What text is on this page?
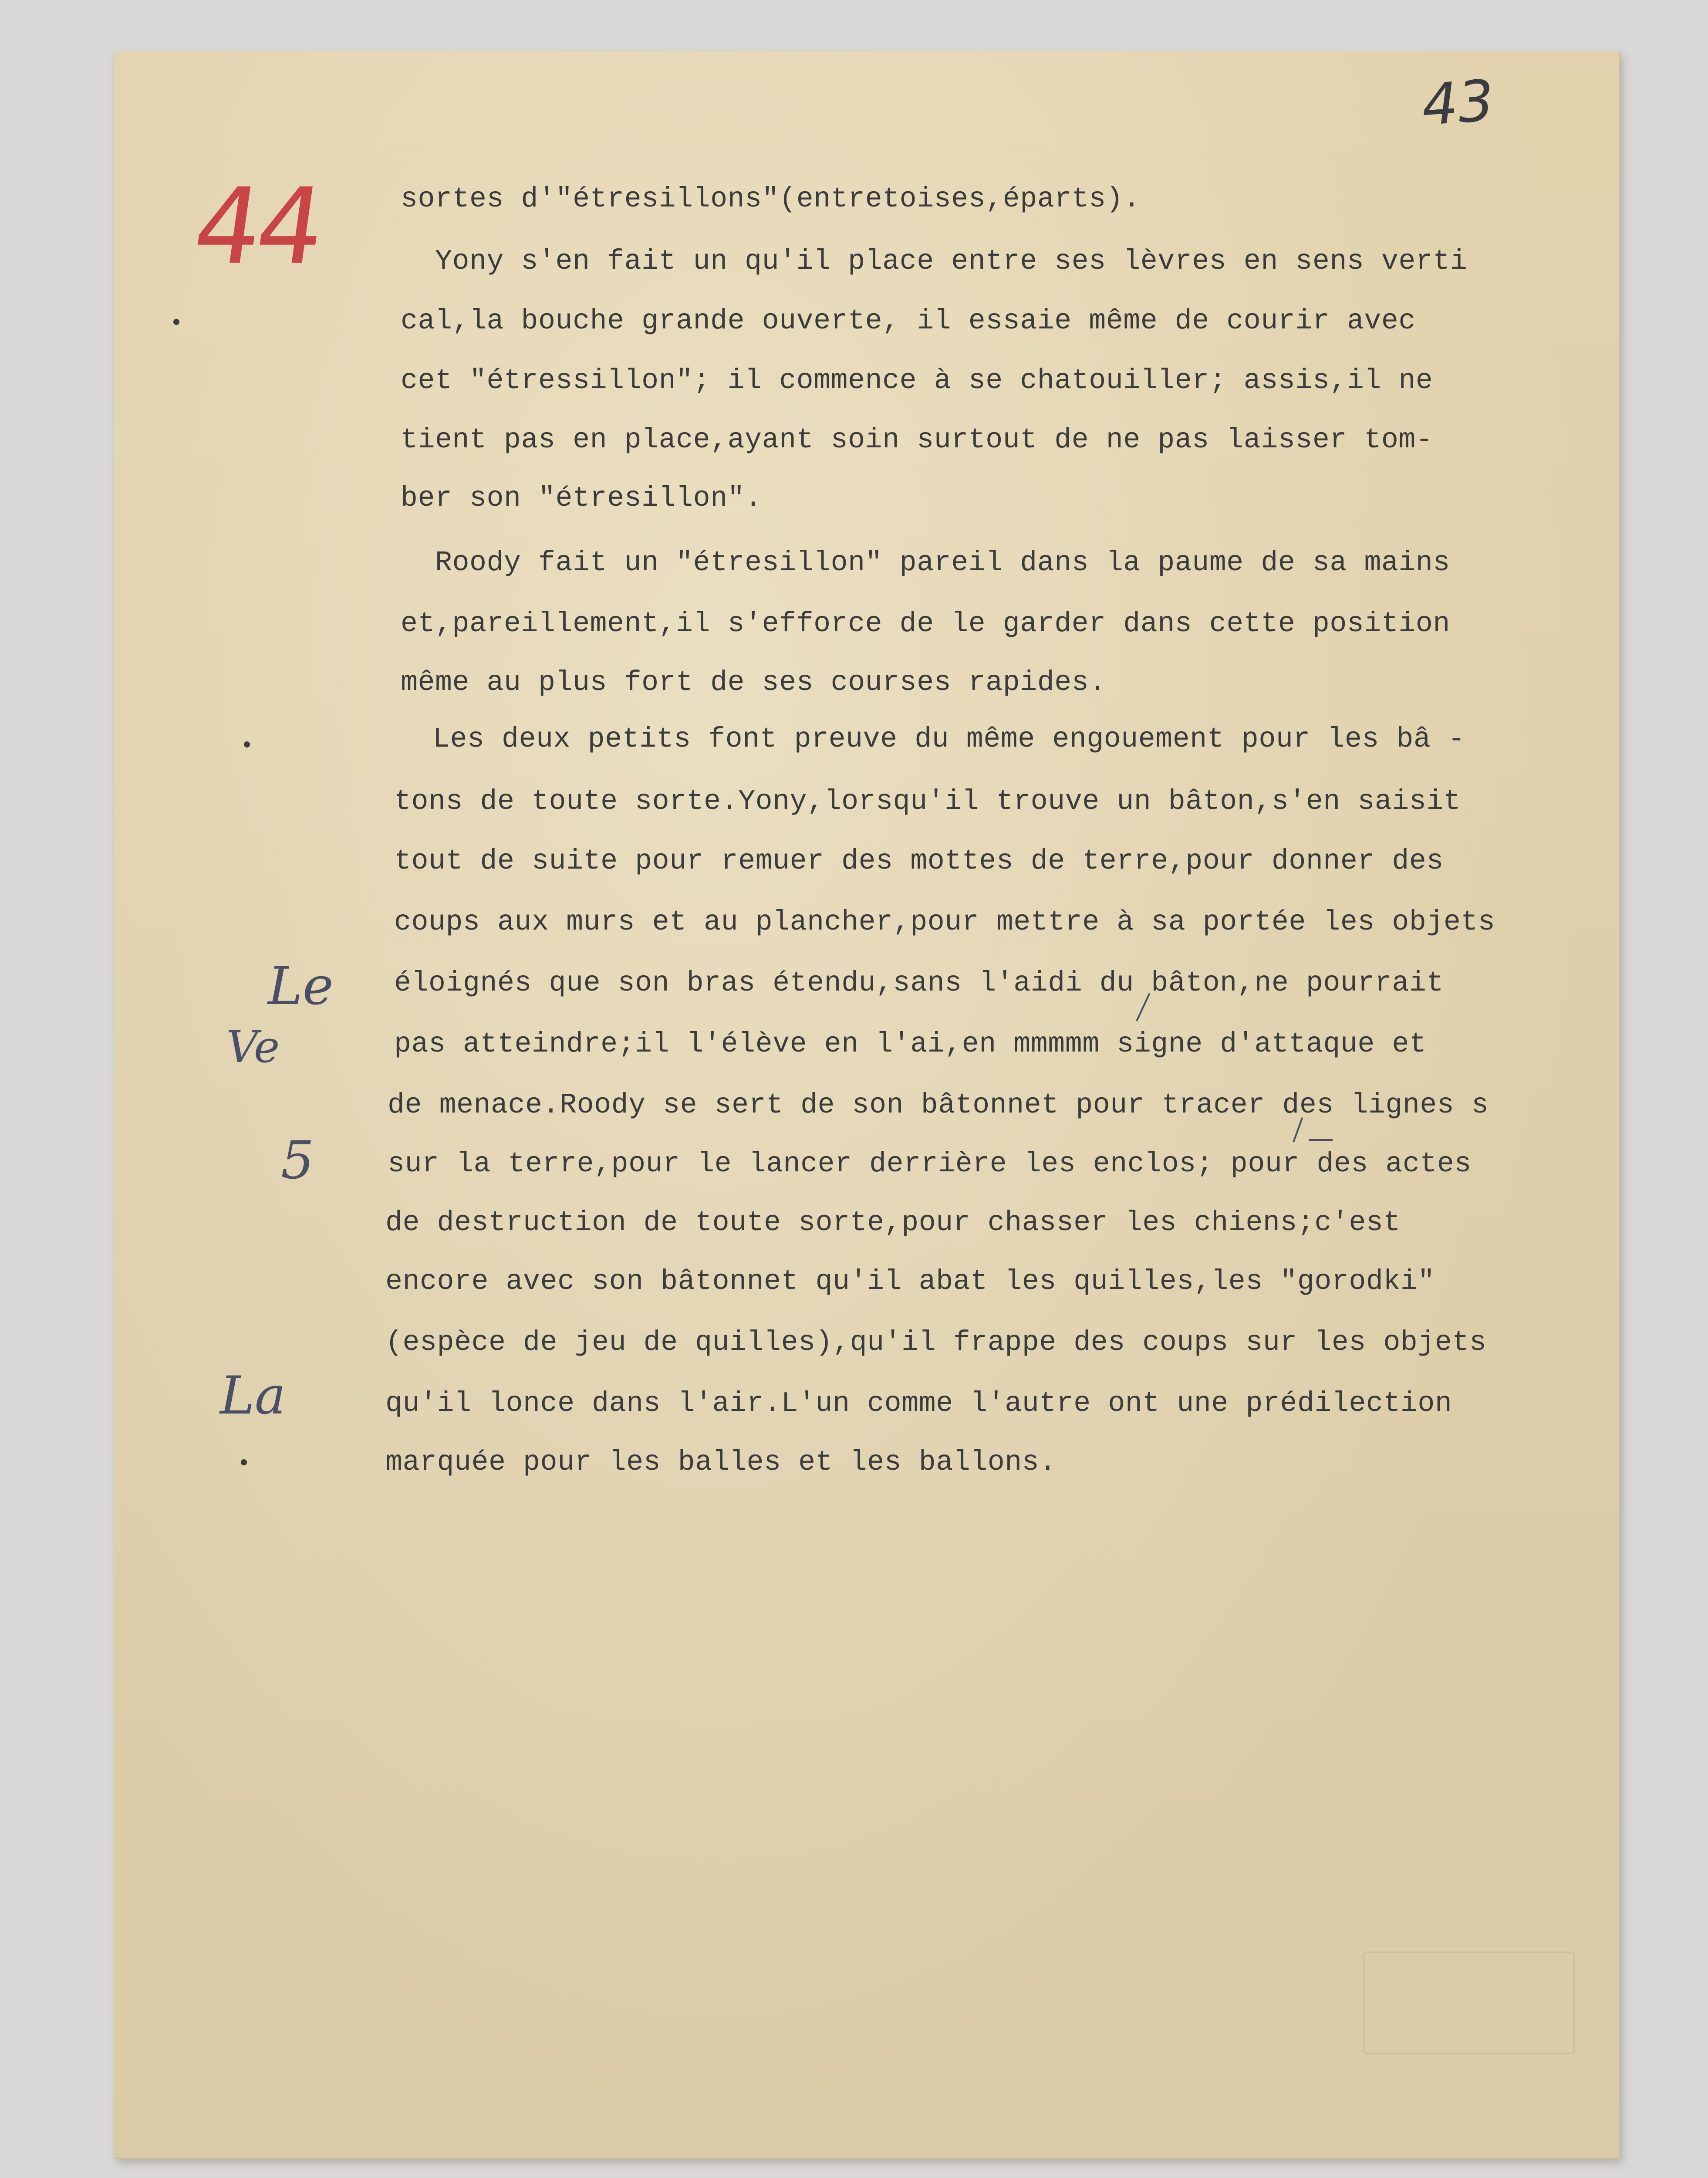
43
44
Le
Ve
5
La
sortes d'"étresillons"(entretoises,éparts).
Yony s'en fait un qu'il place entre ses lèvres en sens verti
cal,la bouche grande ouverte, il essaie même de courir avec
cet "étressillon"; il commence à se chatouiller; assis,il ne
tient pas en place,ayant soin surtout de ne pas laisser tom-
ber son "étresillon".
Roody fait un "étresillon" pareil dans la paume de sa mains
et,pareillement,il s'efforce de le garder dans cette position
même au plus fort de ses courses rapides.
Les deux petits font preuve du même engouement pour les bâ -
tons de toute sorte.Yony,lorsqu'il trouve un bâton,s'en saisit
tout de suite pour remuer des mottes de terre,pour donner des
coups aux murs et au plancher,pour mettre à sa portée les objets
éloignés que son bras étendu,sans l'aidi du bâton,ne pourrait
pas atteindre;il l'élève en l'ai,en mmmmm signe d'attaque et
de menace.Roody se sert de son bâtonnet pour tracer des lignes s
sur la terre,pour le lancer derrière les enclos; pour des actes
de destruction de toute sorte,pour chasser les chiens;c'est
encore avec son bâtonnet qu'il abat les quilles,les "gorodki"
(espèce de jeu de quilles),qu'il frappe des coups sur les objets
qu'il lonce dans l'air.L'un comme l'autre ont une prédilection
marquée pour les balles et les ballons.
